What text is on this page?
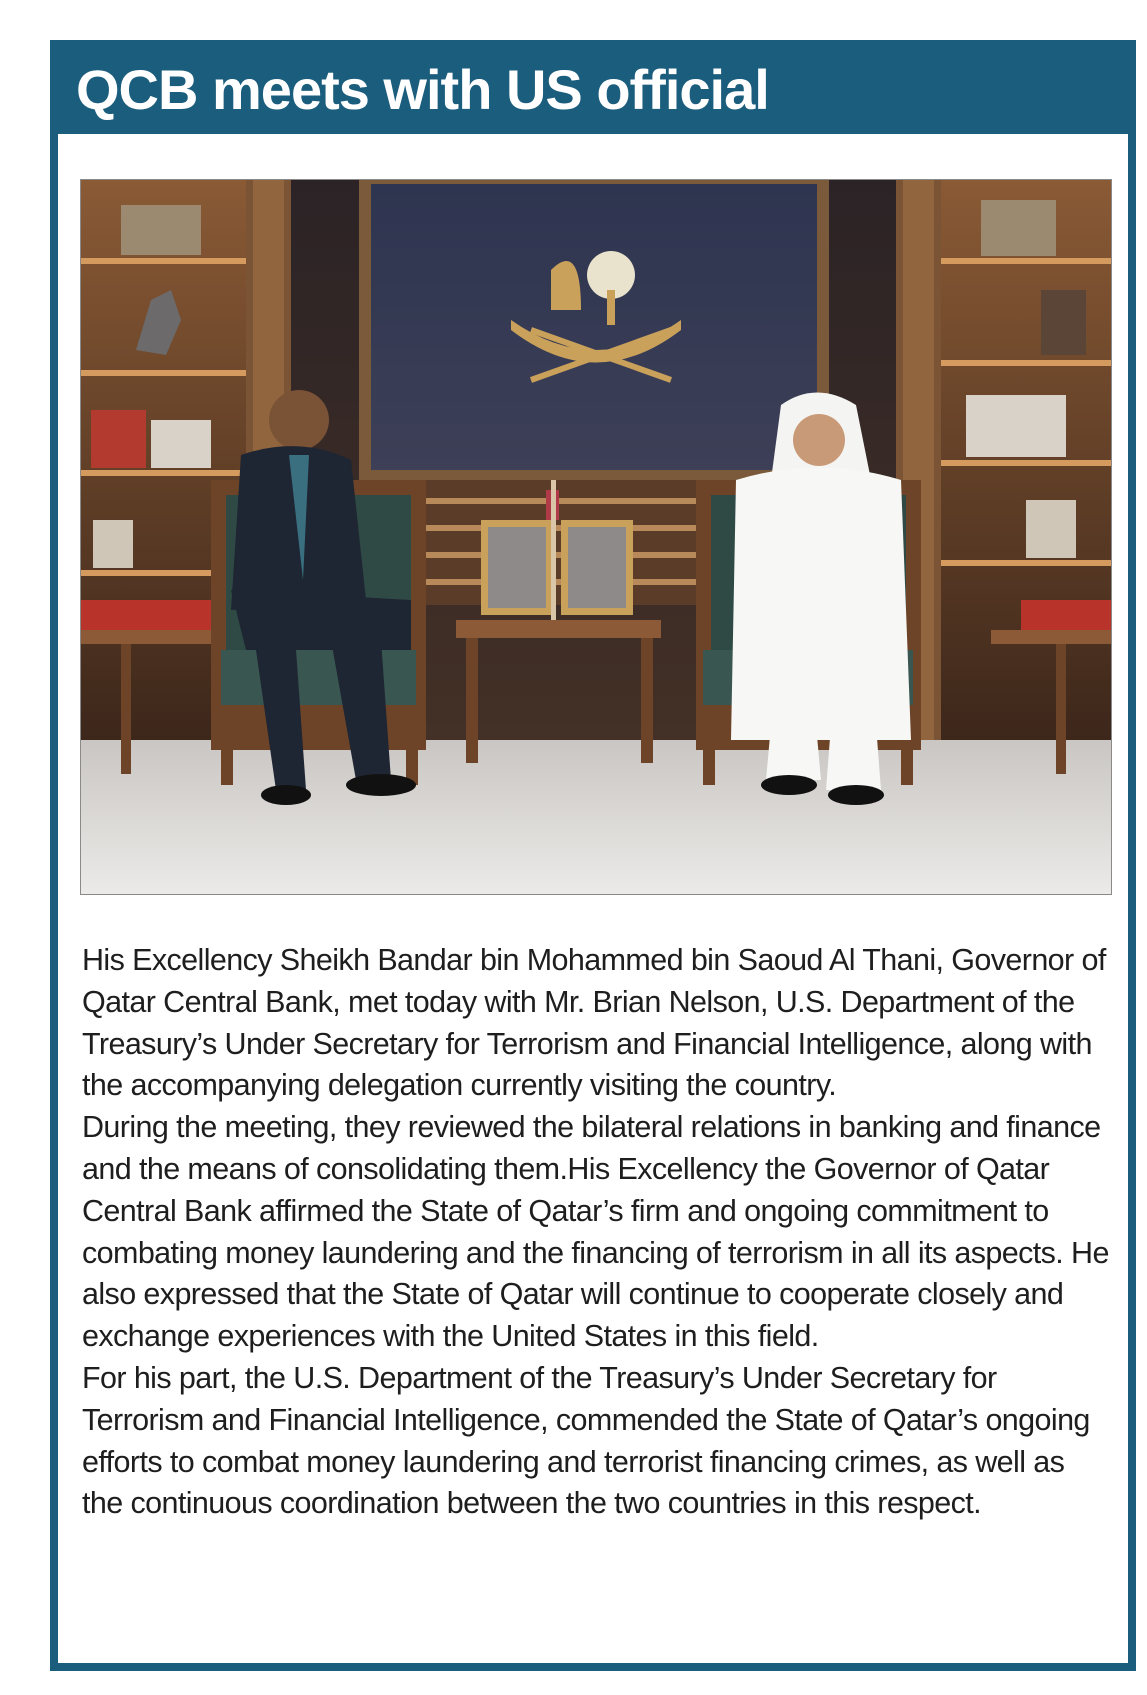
QCB meets with US official

His Excellency Sheikh Bandar bin Mohammed bin Saoud Al Thani, Governor of Qatar Central Bank, met today with Mr. Brian Nelson, U.S. Department of the Treasury’s Under Secretary for Terrorism and Financial Intelligence, along with the accompanying delegation currently visiting the country.

During the meeting, they reviewed the bilateral relations in banking and finance and the means of consolidating them.His Excellency the Governor of Qatar Central Bank affirmed the State of Qatar’s firm and ongoing commitment to combating money laundering and the financing of terrorism in all its aspects. He also expressed that the State of Qatar will continue to cooperate closely and exchange experiences with the United States in this field.

For his part, the U.S. Department of the Treasury’s Under Secretary for Terrorism and Financial Intelligence, commended the State of Qatar’s ongoing efforts to combat money laundering and terrorist financing crimes, as well as the continuous coordination between the two countries in this respect.
